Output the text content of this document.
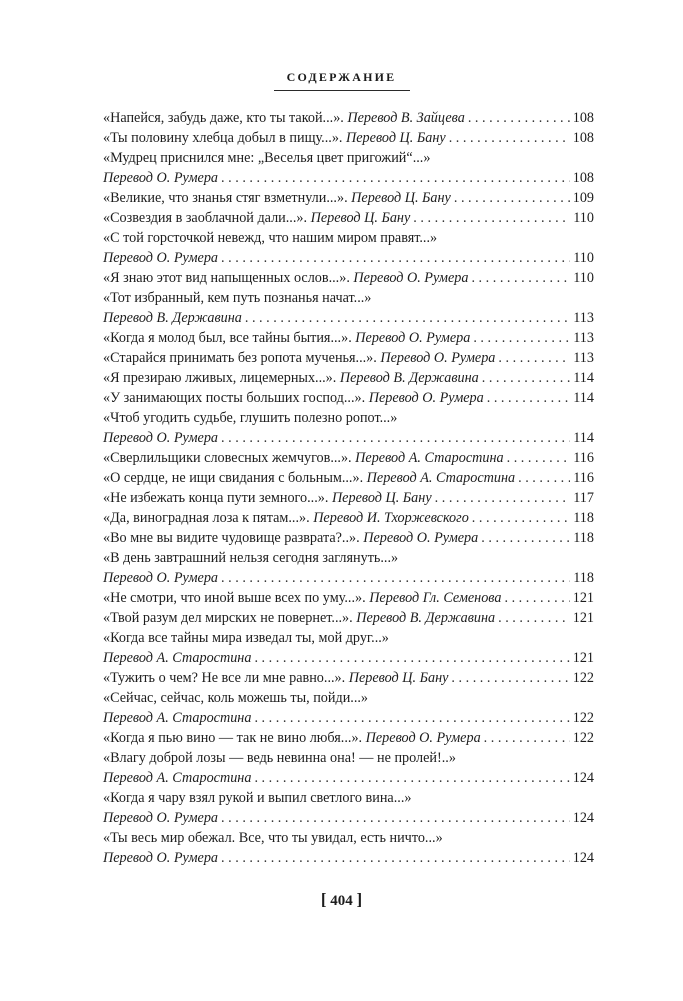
СОДЕРЖАНИЕ
«Напейся, забудь даже, кто ты такой...».
Перевод В. Зайцева . . .	108
«Ты половину хлебца добыл в пищу...».
Перевод Ц. Бану . . .	108
«Мудрец приснился мне: „Веселья цвет пригожий“...»
Перевод О. Румера . . .	108
«Великие, что знанья стяг взметнули...».
Перевод Ц. Бану . . .	109
«Созвездия в заоблачной дали...».
Перевод Ц. Бану . . .	110
«С той горсточкой невежд, что нашим миром правят...»
Перевод О. Румера . . .	110
«Я знаю этот вид напыщенных ослов...».
Перевод О. Румера . . .	110
«Тот избранный, кем путь познанья начат...»
Перевод В. Державина . . .	113
«Когда я молод был, все тайны бытия...».
Перевод О. Румера . . .	113
«Старайся принимать без ропота мученья...».
Перевод О. Румера . . .	113
«Я презираю лживых, лицемерных...».
Перевод В. Державина . . .	114
«У занимающих посты больших господ...».
Перевод О. Румера . . .	114
«Чтоб угодить судьбе, глушить полезно ропот...»
Перевод О. Румера . . .	114
«Сверлильщики словесных жемчугов...».
Перевод А. Старостина . . .	116
«О сердце, не ищи свидания с больным...».
Перевод А. Старостина . . .	116
«Не избежать конца пути земного...».
Перевод Ц. Бану . . .	117
«Да, виноградная лоза к пятам...».
Перевод И. Тхоржевского . . .	118
«Во мне вы видите чудовище разврата?..».
Перевод О. Румера . . .	118
«В день завтрашний нельзя сегодня заглянуть...»
Перевод О. Румера . . .	118
«Не смотри, что иной выше всех по уму...».
Перевод Гл. Семенова . . .	121
«Твой разум дел мирских не повернет...».
Перевод В. Державина . . .	121
«Когда все тайны мира изведал ты, мой друг...»
Перевод А. Старостина . . .	121
«Тужить о чем? Не все ли мне равно...».
Перевод Ц. Бану . . .	122
«Сейчас, сейчас, коль можешь ты, пойди...»
Перевод А. Старостина . . .	122
«Когда я пью вино — так не вино любя...».
Перевод О. Румера . . .	122
«Влагу доброй лозы — ведь невинна она! — не пролей!..»
Перевод А. Старостина . . .	124
«Когда я чару взял рукой и выпил светлого вина...»
Перевод О. Румера . . .	124
«Ты весь мир обежал. Все, что ты увидал, есть ничто...»
Перевод О. Румера . . .	124
[ 404 ]
